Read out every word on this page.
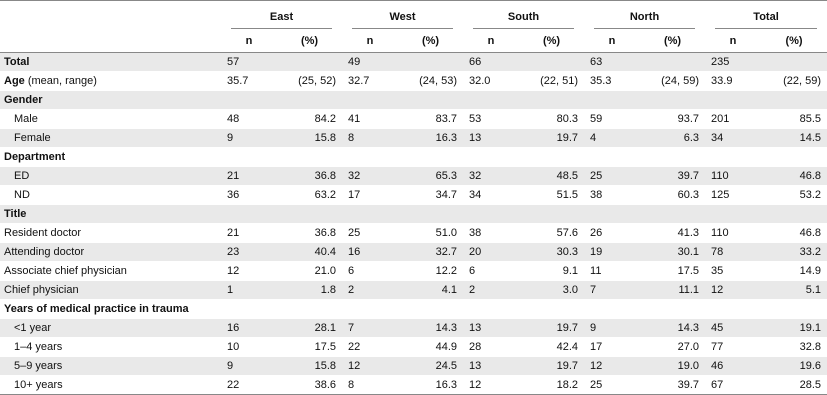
	East		West		South		North		Total	

	n	(%)	n	(%)	n	(%)	n	(%)	n	(%)
Total	57		49		66		63		235	
Age (mean, range)	35.7	(25, 52)	32.7	(24, 53)	32.0	(22, 51)	35.3	(24, 59)	33.9	(22, 59)
Gender										
Male	48	84.2	41	83.7	53	80.3	59	93.7	201	85.5
Female	9	15.8	8	16.3	13	19.7	4	6.3	34	14.5
Department										
ED	21	36.8	32	65.3	32	48.5	25	39.7	110	46.8
ND	36	63.2	17	34.7	34	51.5	38	60.3	125	53.2
Title										
Resident doctor	21	36.8	25	51.0	38	57.6	26	41.3	110	46.8
Attending doctor	23	40.4	16	32.7	20	30.3	19	30.1	78	33.2
Associate chief physician	12	21.0	6	12.2	6	9.1	11	17.5	35	14.9
Chief physician	1	1.8	2	4.1	2	3.0	7	11.1	12	5.1
Years of medical practice in trauma										
<1 year	16	28.1	7	14.3	13	19.7	9	14.3	45	19.1
1–4 years	10	17.5	22	44.9	28	42.4	17	27.0	77	32.8
5–9 years	9	15.8	12	24.5	13	19.7	12	19.0	46	19.6
10+ years	22	38.6	8	16.3	12	18.2	25	39.7	67	28.5
